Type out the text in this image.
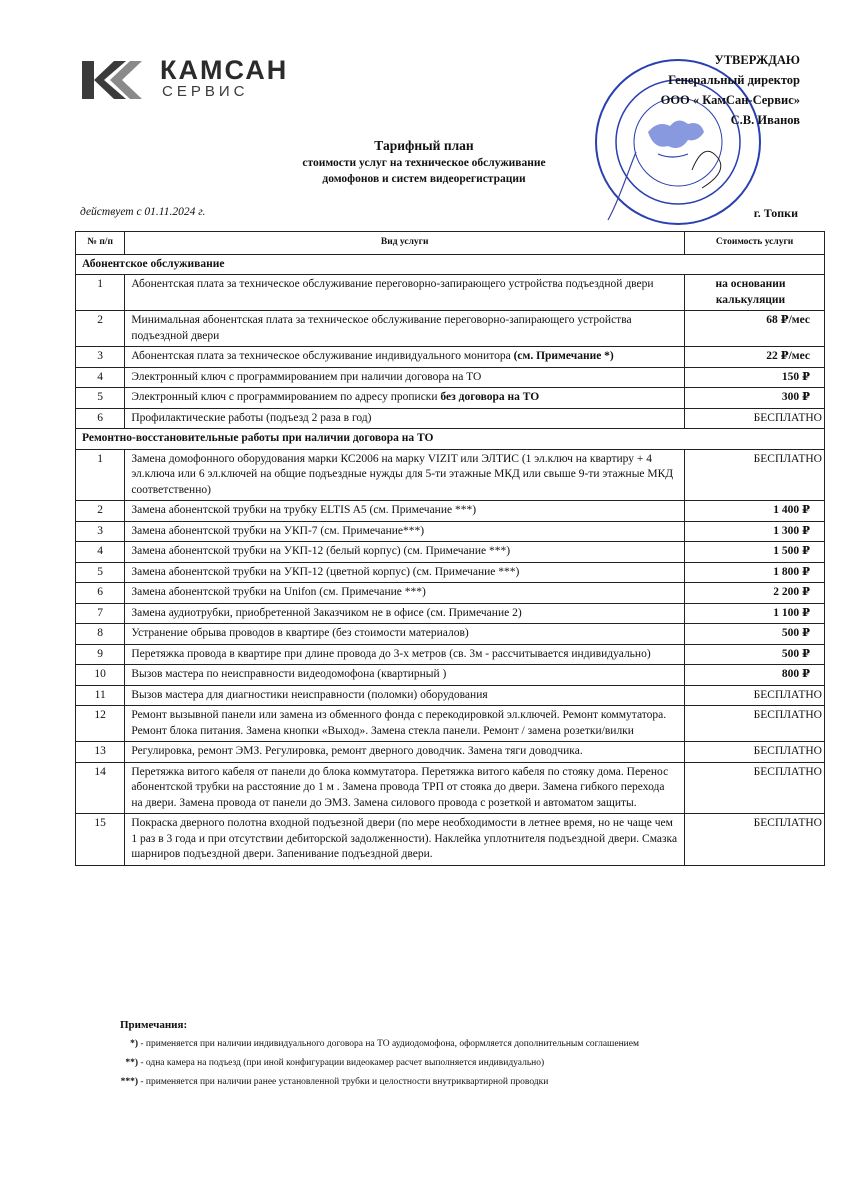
КАМСАН
СЕРВИС
УТВЕРЖДАЮ
Генеральный директор
ООО « КамСан-Сервис»
С.В. Иванов
Тарифный план
стоимости услуг на техническое обслуживание
домофонов и систем видеорегистрации
действует с 01.11.2024 г.	г. Топки
№ п/п	Вид услуги	Стоимость услуги
Абонентское обслуживание		
1	Абонентская плата за техническое обслуживание переговорно-запирающего устройства подъездной двери	на основании калькуляции
2	Минимальная абонентская плата за техническое обслуживание переговорно-запирающего устройства подъездной двери	68 ₽/мес
3	Абонентская плата за техническое обслуживание индивидуального монитора (см. Примечание *)	22 ₽/мес
4	Электронный ключ с программированием при наличии договора на ТО	150 ₽
5	Электронный ключ с программированием по адресу прописки без договора на ТО	300 ₽
6	Профилактические работы (подъезд 2 раза в год)	БЕСПЛАТНО
Ремонтно-восстановительные работы при наличии договора на ТО		
1	Замена домофонного оборудования марки КС2006 на марку VIZIT или ЭЛТИС (1 эл.ключ на квартиру + 4 эл.ключа или 6 эл.ключей на общие подъездные нужды для 5-ти этажные МКД или свыше 9-ти этажные МКД соответственно)	БЕСПЛАТНО
2	Замена абонентской трубки на трубку ELTIS A5 (см. Примечание ***)	1 400 ₽
3	Замена абонентской трубки на УКП-7 (см. Примечание***)	1 300 ₽
4	Замена абонентской трубки на УКП-12 (белый корпус) (см. Примечание ***)	1 500 ₽
5	Замена абонентской трубки на УКП-12 (цветной корпус) (см. Примечание ***)	1 800 ₽
6	Замена абонентской трубки на Unifon (см. Примечание ***)	2 200 ₽
7	Замена аудиотрубки, приобретенной Заказчиком не в офисе (см. Примечание 2)	1 100 ₽
8	Устранение обрыва проводов в квартире (без стоимости материалов)	500 ₽
9	Перетяжка провода в квартире при длине провода до 3-х метров (св. 3м - рассчитывается индивидуально)	500 ₽
10	Вызов мастера по неисправности видеодомофона (квартирный )	800 ₽
11	Вызов мастера для диагностики неисправности (поломки) оборудования	БЕСПЛАТНО
12	Ремонт вызывной панели или замена из обменного фонда с перекодировкой эл.ключей. Ремонт коммутатора. Ремонт блока питания. Замена кнопки «Выход». Замена стекла панели. Ремонт / замена розетки/вилки	БЕСПЛАТНО
13	Регулировка, ремонт ЭМЗ. Регулировка, ремонт дверного доводчик. Замена тяги доводчика.	БЕСПЛАТНО
14	Перетяжка витого кабеля от панели до блока коммутатора. Перетяжка витого кабеля по стояку дома. Перенос абонентской трубки на расстояние до 1 м . Замена провода ТРП от стояка до двери. Замена гибкого перехода на двери. Замена провода от панели до ЭМЗ. Замена силового провода с розеткой и автоматом защиты.	БЕСПЛАТНО
15	Покраска дверного полотна входной подъезной двери (по мере необходимости в летнее время, но не чаще чем 1 раз в 3 года и при отсутствии дебиторской задолженности). Наклейка уплотнителя подъездной двери. Смазка шарниров подъездной двери. Запенивание подъездной двери.	БЕСПЛАТНО
Примечания:
*) - применяется при наличии индивидуального договора на ТО аудиодомофона, оформляется дополнительным соглашением
**) - одна камера на подъезд (при иной конфигурации видеокамер расчет выполняется индивидуально)
***) - применяется при наличии ранее установленной трубки и целостности внутриквартирной проводки
